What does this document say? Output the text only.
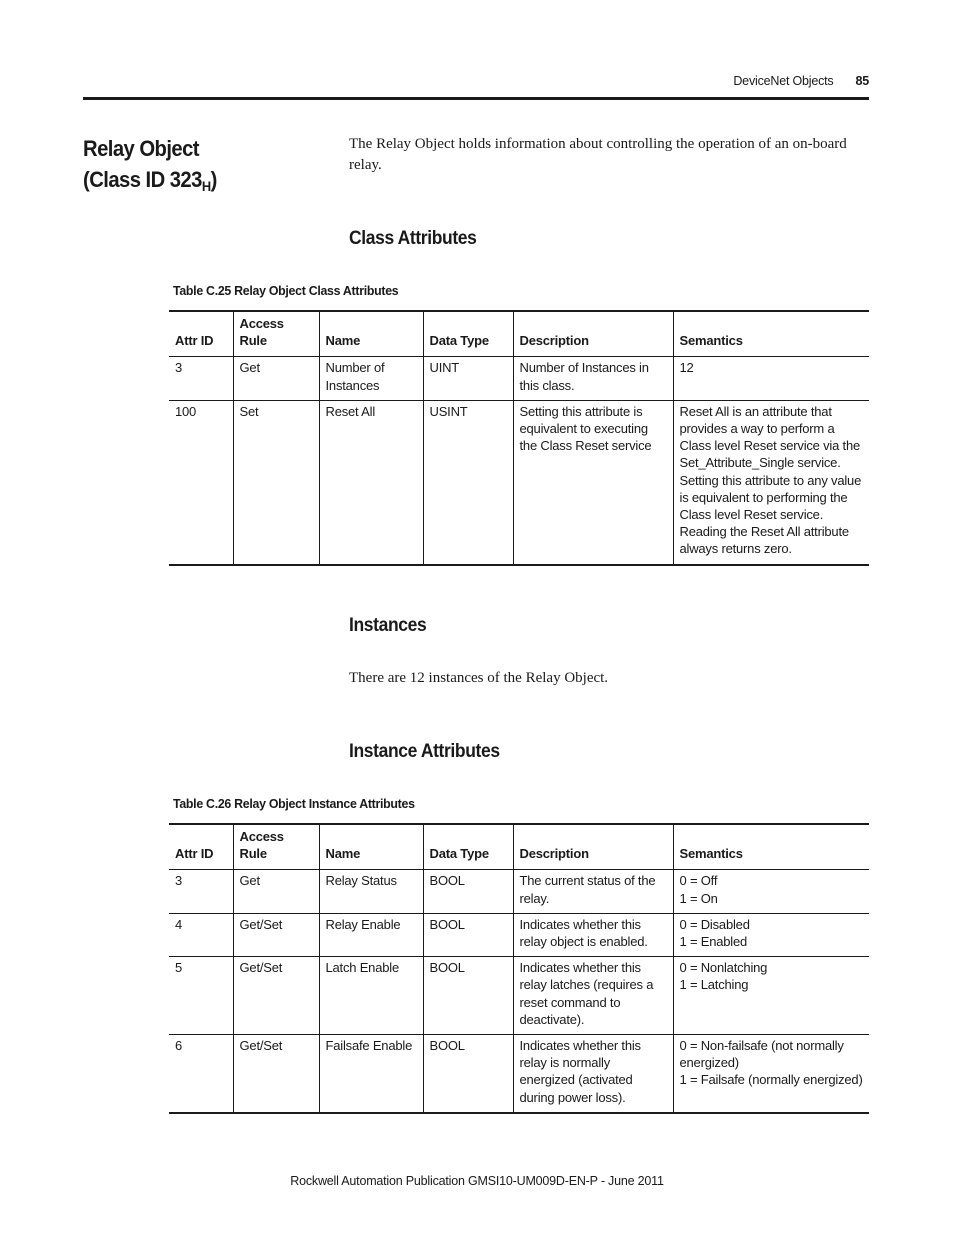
DeviceNet Objects 85
Relay Object
(Class ID $323_H$)

The Relay Object holds information about controlling the operation of an on-board relay.

Class Attributes
Table C.25 Relay Object Class Attributes
Attr ID	Access Rule	Name	Data Type	Description	Semantics
3	Get	Number of Instances	UINT	Number of Instances in this class.	12
100	Set	Reset All	USINT	Setting this attribute is equivalent to executing the Class Reset service	Reset All is an attribute that provides a way to perform a Class level Reset service via the Set_Attribute_Single service. Setting this attribute to any value is equivalent to performing the Class level Reset service. Reading the Reset All attribute always returns zero.
Instances

There are 12 instances of the Relay Object.

Instance Attributes
Table C.26 Relay Object Instance Attributes
Attr ID	Access Rule	Name	Data Type	Description	Semantics
3	Get	Relay Status	BOOL	The current status of the relay.	0 = Off
1 = On
4	Get/Set	Relay Enable	BOOL	Indicates whether this relay object is enabled.	0 = Disabled
1 = Enabled
5	Get/Set	Latch Enable	BOOL	Indicates whether this relay latches (requires a reset command to deactivate).	0 = Nonlatching
1 = Latching
6	Get/Set	Failsafe Enable	BOOL	Indicates whether this relay is normally energized (activated during power loss).	0 = Non-failsafe (not normally energized)
1 = Failsafe (normally energized)
Rockwell Automation Publication GMSI10-UM009D-EN-P - June 2011
